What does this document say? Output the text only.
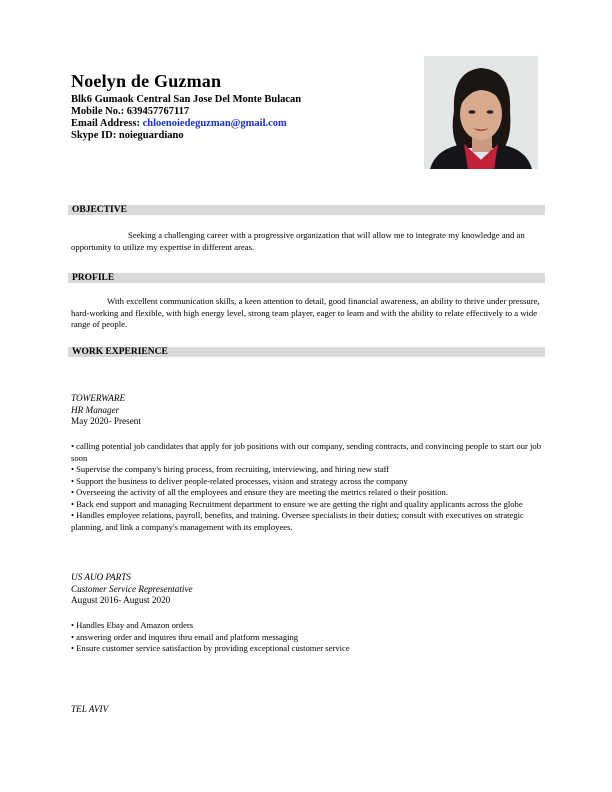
Noelyn de Guzman
Blk6 Gumaok Central San Jose Del Monte Bulacan
Mobile No.: 639457767117
Email Address: chloenoiedeguzman@gmail.com
Skype ID: noieguardiano
OBJECTIVE
Seeking a challenging career with a progressive organization that will allow me to integrate my knowledge and an opportunity to utilize my expertise in different areas.
PROFILE
With excellent communication skills, a keen attention to detail, good financial awareness, an ability to thrive under pressure, hard-working and flexible, with high energy level, strong team player, eager to learn and with the ability to relate effectively to a wide range of people.
WORK EXPERIENCE
TOWERWARE
HR Manager
May 2020- Present
• calling potential job candidates that apply for job positions with our company, sending contracts, and convincing people to start our job soon
• Supervise the company's hiring process, from recruiting, interviewing, and hiring new staff
• Support the business to deliver people-related processes, vision and strategy across the company
• Overseeing the activity of all the employees and ensure they are meeting the metrics related o their position.
• Back end support and managing Recruitment department to ensure we are getting the right and quality applicants across the globe
• Handles employee relations, payroll, benefits, and training. Oversee specialists in their duties; consult with executives on strategic planning, and link a company's management with its employees.
US AUO PARTS
Customer Service Representative
August 2016- August 2020
• Handles Ebay and Amazon orders
• answering order and inquires thru email and platform messaging
• Ensure customer service satisfaction by providing exceptional customer service
TEL AVIV
